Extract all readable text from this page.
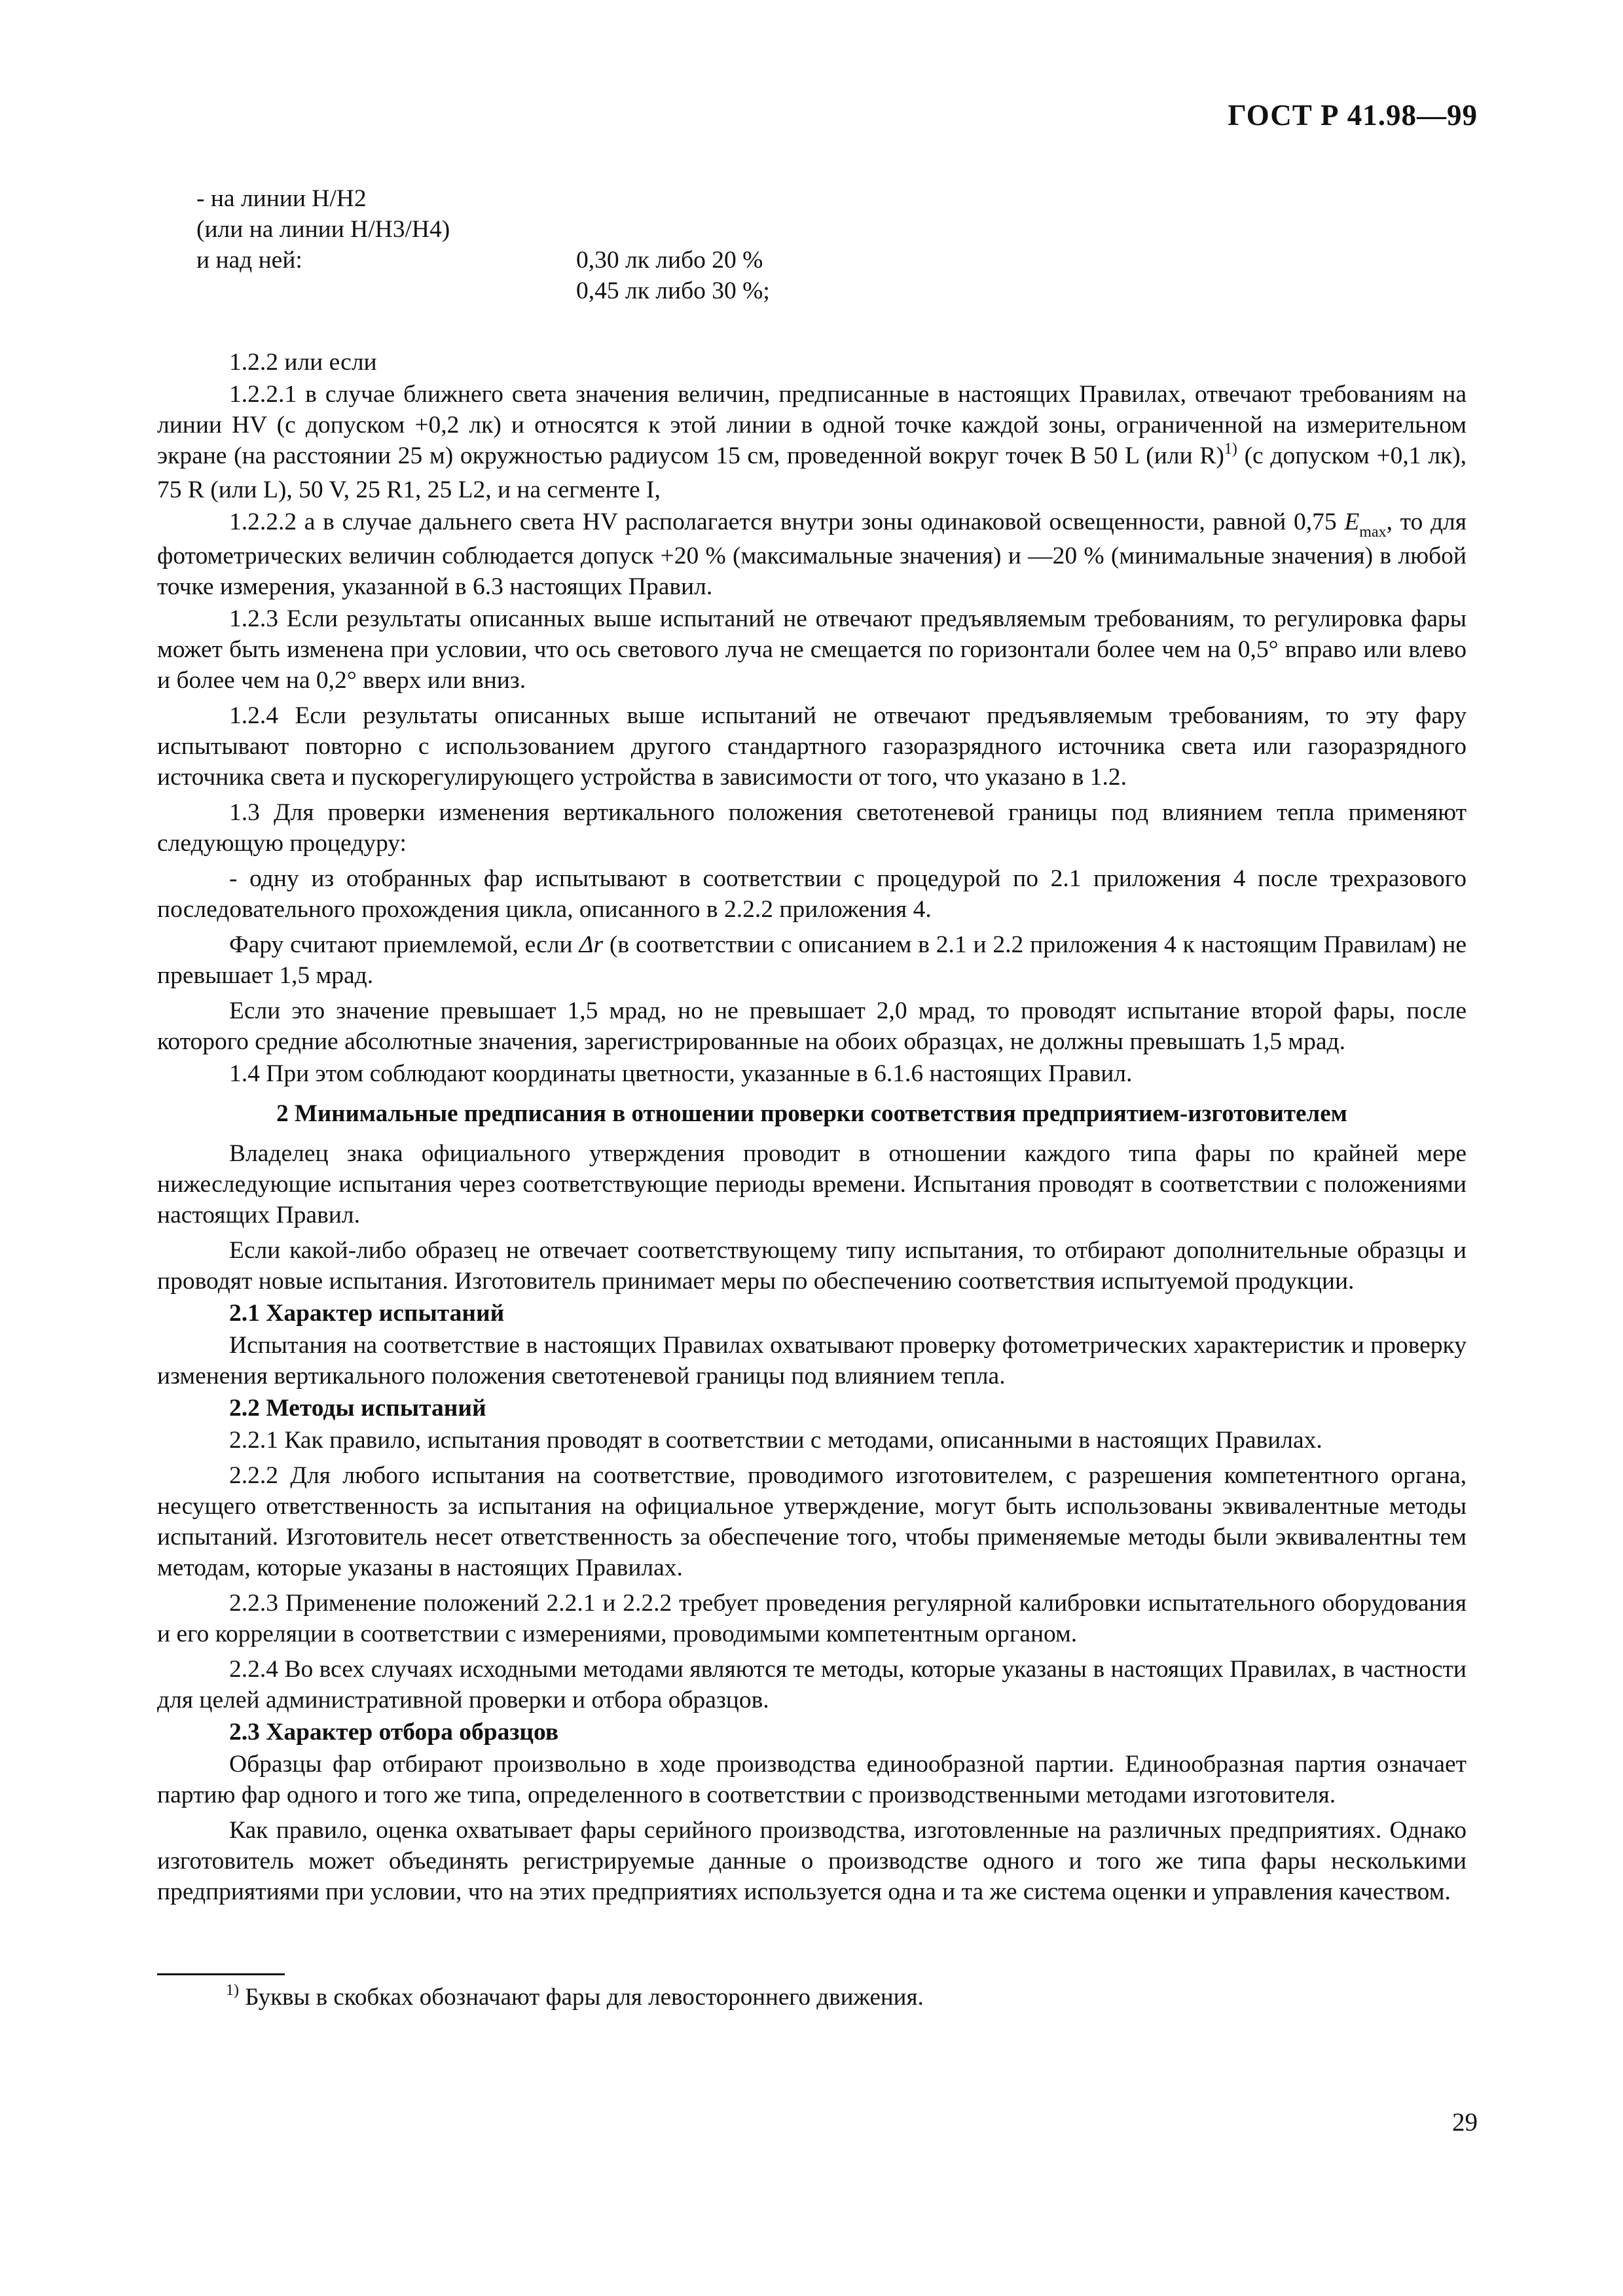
ГОСТ Р 41.98—99
- на линии Н/Н2
(или на линии Н/Н3/Н4)
и над ней:	0,30 лк либо 20 %
0,45 лк либо 30 %;

1.2.2 или если

1.2.2.1 в случае ближнего света значения величин, предписанные в настоящих Правилах, отвечают требованиям на линии HV (с допуском +0,2 лк) и относятся к этой линии в одной точке каждой зоны, ограниченной на измерительном экране (на расстоянии 25 м) окружностью радиусом 15 см, проведенной вокруг точек B 50 L (или R)$^{1)}$ (с допуском +0,1 лк), 75 R (или L), 50 V, 25 R1, 25 L2, и на сегменте I,

1.2.2.2 а в случае дальнего света HV располагается внутри зоны одинаковой освещенности, равной 0,75 $E_{max}$, то для фотометрических величин соблюдается допуск +20 % (максимальные значения) и —20 % (минимальные значения) в любой точке измерения, указанной в 6.3 настоящих Правил.

1.2.3 Если результаты описанных выше испытаний не отвечают предъявляемым требованиям, то регулировка фары может быть изменена при условии, что ось светового луча не смещается по горизонтали более чем на 0,5° вправо или влево и более чем на 0,2° вверх или вниз.

1.2.4 Если результаты описанных выше испытаний не отвечают предъявляемым требованиям, то эту фару испытывают повторно с использованием другого стандартного газоразрядного источника света или газоразрядного источника света и пускорегулирующего устройства в зависимости от того, что указано в 1.2.

1.3 Для проверки изменения вертикального положения светотеневой границы под влиянием тепла применяют следующую процедуру:

- одну из отобранных фар испытывают в соответствии с процедурой по 2.1 приложения 4 после трехразового последовательного прохождения цикла, описанного в 2.2.2 приложения 4.

Фару считают приемлемой, если Δr (в соответствии с описанием в 2.1 и 2.2 приложения 4 к настоящим Правилам) не превышает 1,5 мрад.

Если это значение превышает 1,5 мрад, но не превышает 2,0 мрад, то проводят испытание второй фары, после которого средние абсолютные значения, зарегистрированные на обоих образцах, не должны превышать 1,5 мрад.

1.4 При этом соблюдают координаты цветности, указанные в 6.1.6 настоящих Правил.

2 Минимальные предписания в отношении проверки соответствия предприятием-изготовителем

Владелец знака официального утверждения проводит в отношении каждого типа фары по крайней мере нижеследующие испытания через соответствующие периоды времени. Испытания проводят в соответствии с положениями настоящих Правил.

Если какой-либо образец не отвечает соответствующему типу испытания, то отбирают дополнительные образцы и проводят новые испытания. Изготовитель принимает меры по обеспечению соответствия испытуемой продукции.

2.1 Характер испытаний

Испытания на соответствие в настоящих Правилах охватывают проверку фотометрических характеристик и проверку изменения вертикального положения светотеневой границы под влиянием тепла.

2.2 Методы испытаний

2.2.1 Как правило, испытания проводят в соответствии с методами, описанными в настоящих Правилах.

2.2.2 Для любого испытания на соответствие, проводимого изготовителем, с разрешения компетентного органа, несущего ответственность за испытания на официальное утверждение, могут быть использованы эквивалентные методы испытаний. Изготовитель несет ответственность за обеспечение того, чтобы применяемые методы были эквивалентны тем методам, которые указаны в настоящих Правилах.

2.2.3 Применение положений 2.2.1 и 2.2.2 требует проведения регулярной калибровки испытательного оборудования и его корреляции в соответствии с измерениями, проводимыми компетентным органом.

2.2.4 Во всех случаях исходными методами являются те методы, которые указаны в настоящих Правилах, в частности для целей административной проверки и отбора образцов.

2.3 Характер отбора образцов

Образцы фар отбирают произвольно в ходе производства единообразной партии. Единообразная партия означает партию фар одного и того же типа, определенного в соответствии с производственными методами изготовителя.

Как правило, оценка охватывает фары серийного производства, изготовленные на различных предприятиях. Однако изготовитель может объединять регистрируемые данные о производстве одного и того же типа фары несколькими предприятиями при условии, что на этих предприятиях используется одна и та же система оценки и управления качеством.

$^{1)}$ Буквы в скобках обозначают фары для левостороннего движения.
29
